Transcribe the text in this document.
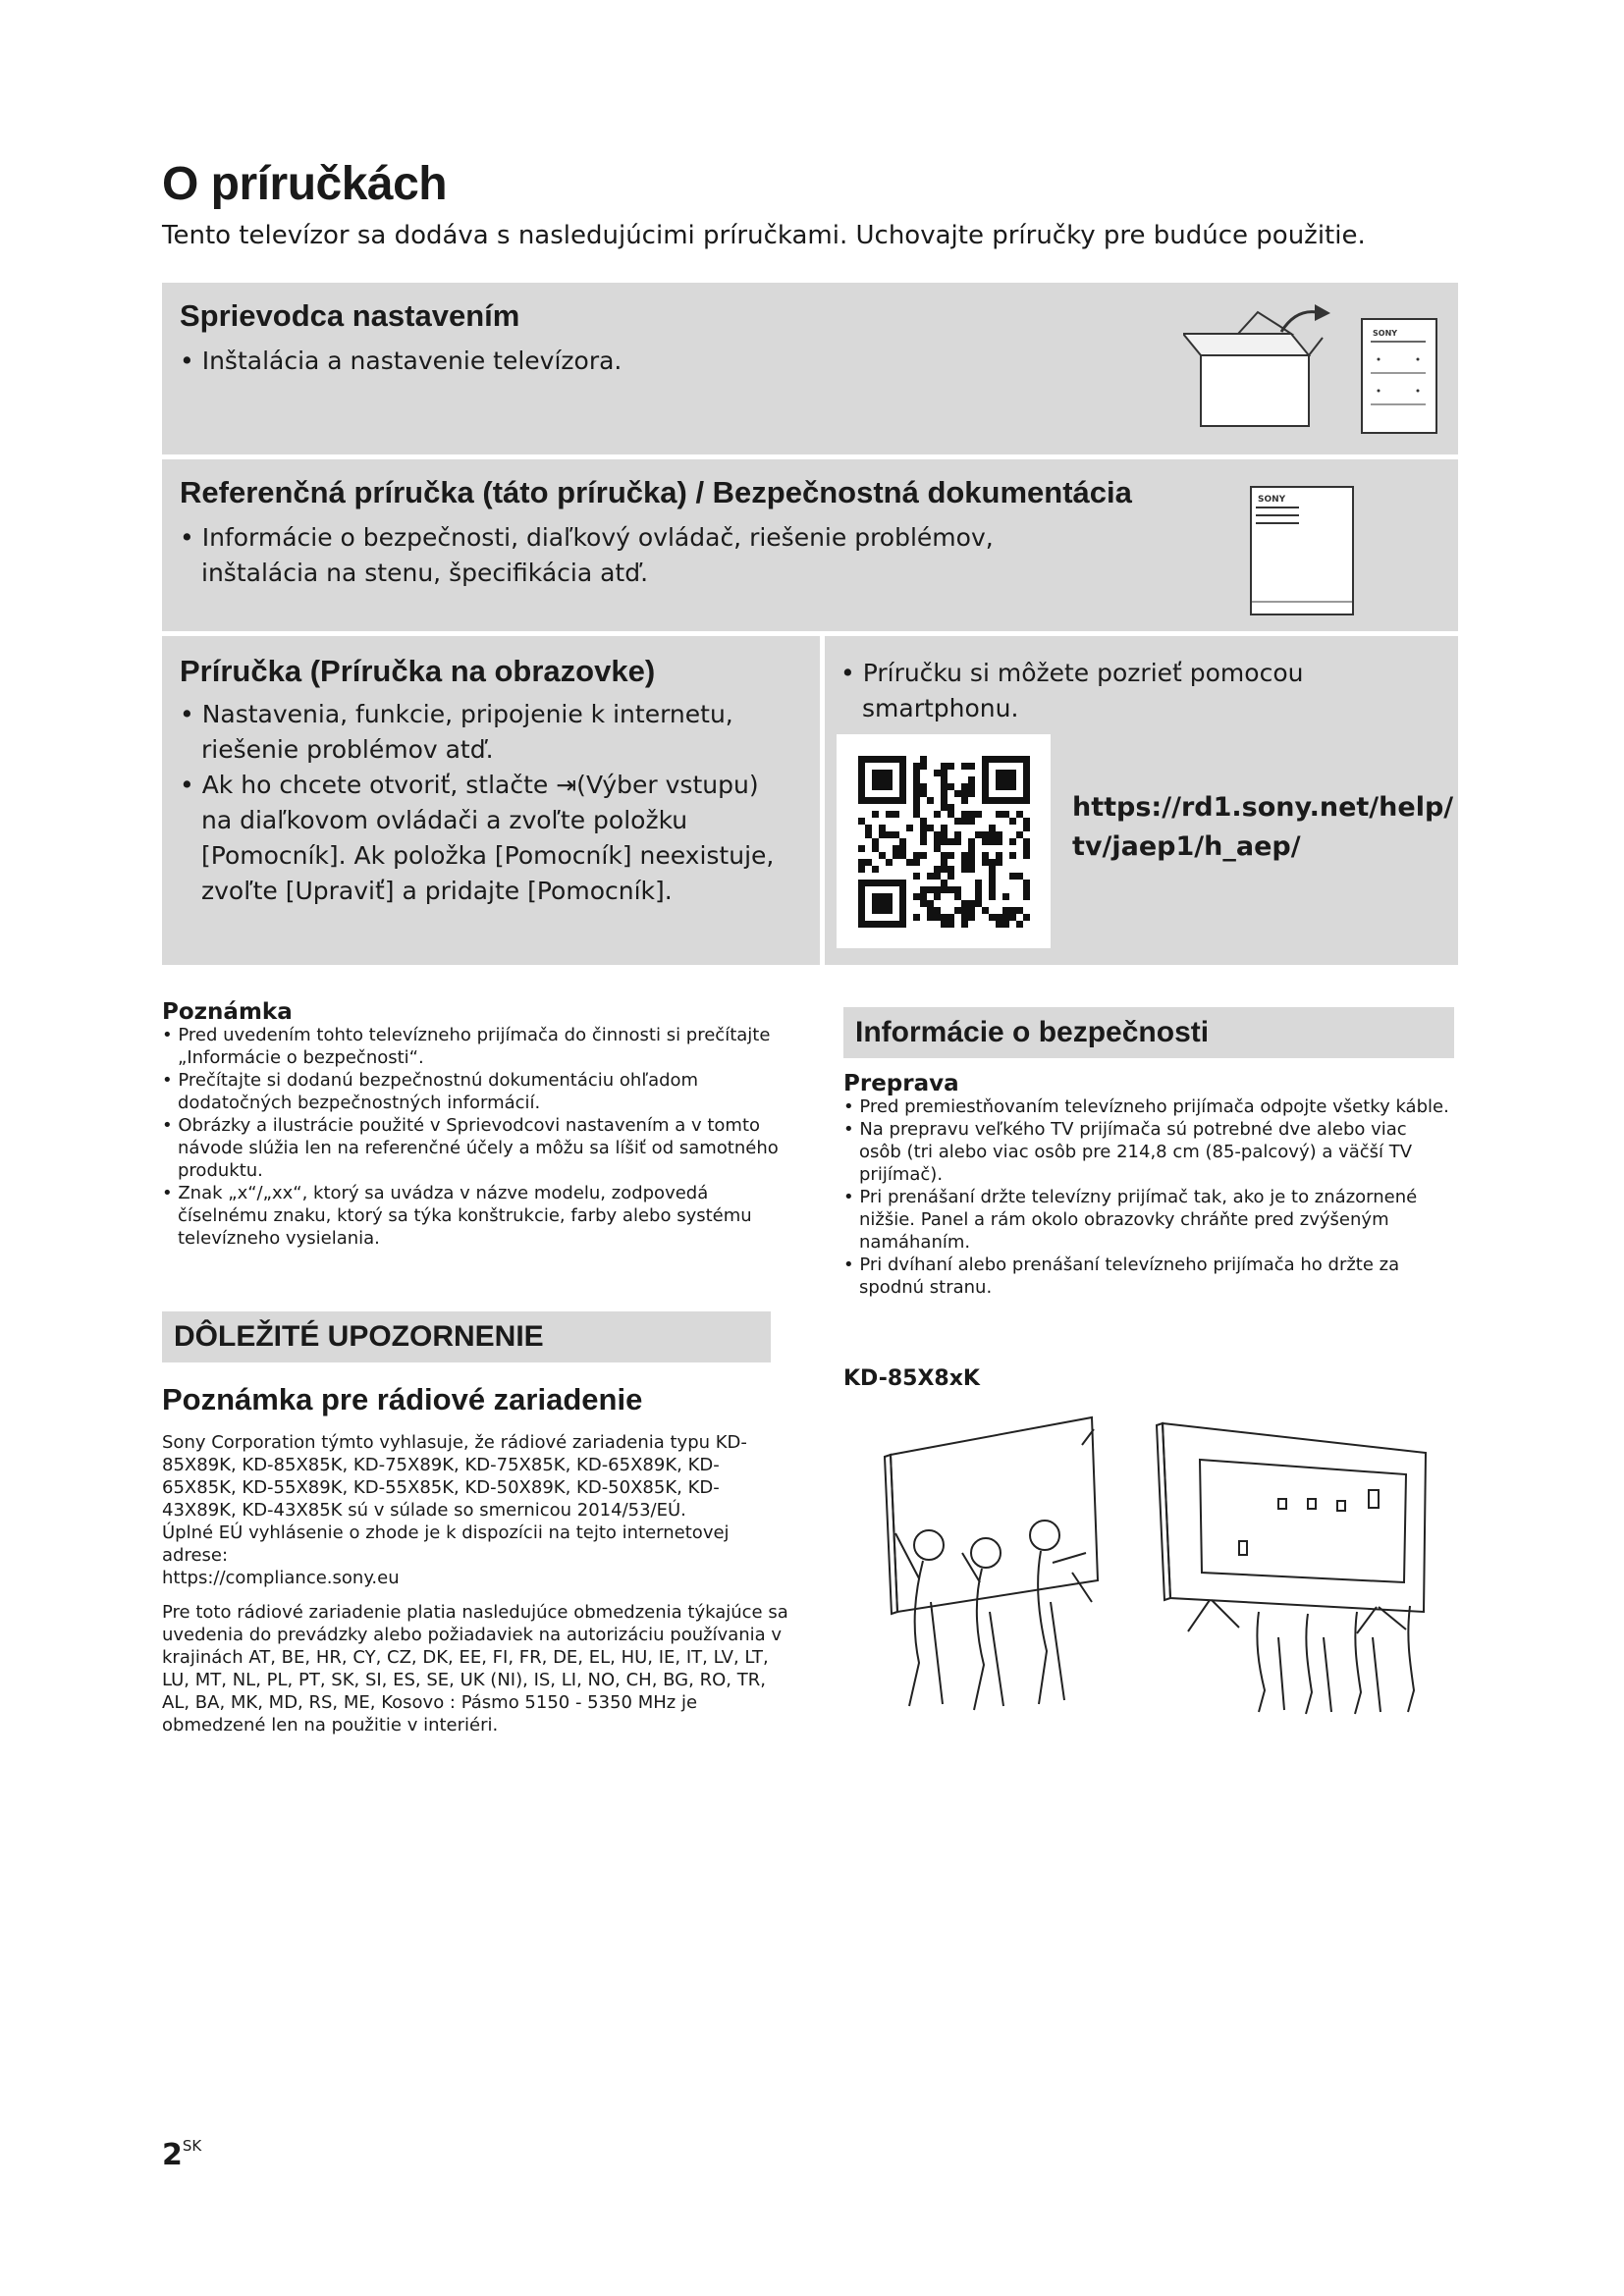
O príručkách

Tento televízor sa dodáva s nasledujúcimi príručkami. Uchovajte príručky pre budúce použitie.

Sprievodca nastavením

• Inštalácia a nastavenie televízora.

SONY
Referenčná príručka (táto príručka) / Bezpečnostná dokumentácia

• Informácie o bezpečnosti, diaľkový ovládač, riešenie problémov,
inštalácia na stenu, špecifikácia atď.

SONY
Príručka (Príručka na obrazovke)
• Nastavenia, funkcie, pripojenie k internetu,
riešenie problémov atď.
• Ak ho chcete otvoriť, stlačte ⇥(Výber vstupu)
na diaľkovom ovládači a zvoľte položku
[Pomocník]. Ak položka [Pomocník] neexistuje,
zvoľte [Upraviť] a pridajte [Pomocník].
• Príručku si môžete pozrieť pomocou
smartphonu.
https://rd1.sony.net/help/
tv/jaep1/h_aep/
Poznámka
• Pred uvedením tohto televízneho prijímača do činnosti si prečítajte „Informácie o bezpečnosti“.
• Prečítajte si dodanú bezpečnostnú dokumentáciu ohľadom dodatočných bezpečnostných informácií.
• Obrázky a ilustrácie použité v Sprievodcovi nastavením a v tomto návode slúžia len na referenčné účely a môžu sa líšiť od samotného produktu.
• Znak „x“/„xx“, ktorý sa uvádza v názve modelu, zodpovedá číselnému znaku, ktorý sa týka konštrukcie, farby alebo systému televízneho vysielania.
DÔLEŽITÉ UPOZORNENIE
Poznámka pre rádiové zariadenie

Sony Corporation týmto vyhlasuje, že rádiové zariadenia typu KD-85X89K, KD-85X85K, KD-75X89K, KD-75X85K, KD-65X89K, KD-65X85K, KD-55X89K, KD-55X85K, KD-50X89K, KD-50X85K, KD-43X89K, KD-43X85K sú v súlade so smernicou 2014/53/EÚ.

Úplné EÚ vyhlásenie o zhode je k dispozícii na tejto internetovej adrese:

https://compliance.sony.eu

Pre toto rádiové zariadenie platia nasledujúce obmedzenia týkajúce sa uvedenia do prevádzky alebo požiadaviek na autorizáciu používania v krajinách AT, BE, HR, CY, CZ, DK, EE, FI, FR, DE, EL, HU, IE, IT, LV, LT, LU, MT, NL, PL, PT, SK, SI, ES, SE, UK (NI), IS, LI, NO, CH, BG, RO, TR, AL, BA, MK, MD, RS, ME, Kosovo : Pásmo 5150 - 5350 MHz je obmedzené len na použitie v interiéri.

Informácie o bezpečnosti
Preprava
• Pred premiestňovaním televízneho prijímača odpojte všetky káble.
• Na prepravu veľkého TV prijímača sú potrebné dve alebo viac osôb (tri alebo viac osôb pre 214,8 cm (85-palcový) a väčší TV prijímač).
• Pri prenášaní držte televízny prijímač tak, ako je to znázornené nižšie. Panel a rám okolo obrazovky chráňte pred zvýšeným namáhaním.
• Pri dvíhaní alebo prenášaní televízneho prijímača ho držte za spodnú stranu.
KD-85X8xK
$2^{SK}$
